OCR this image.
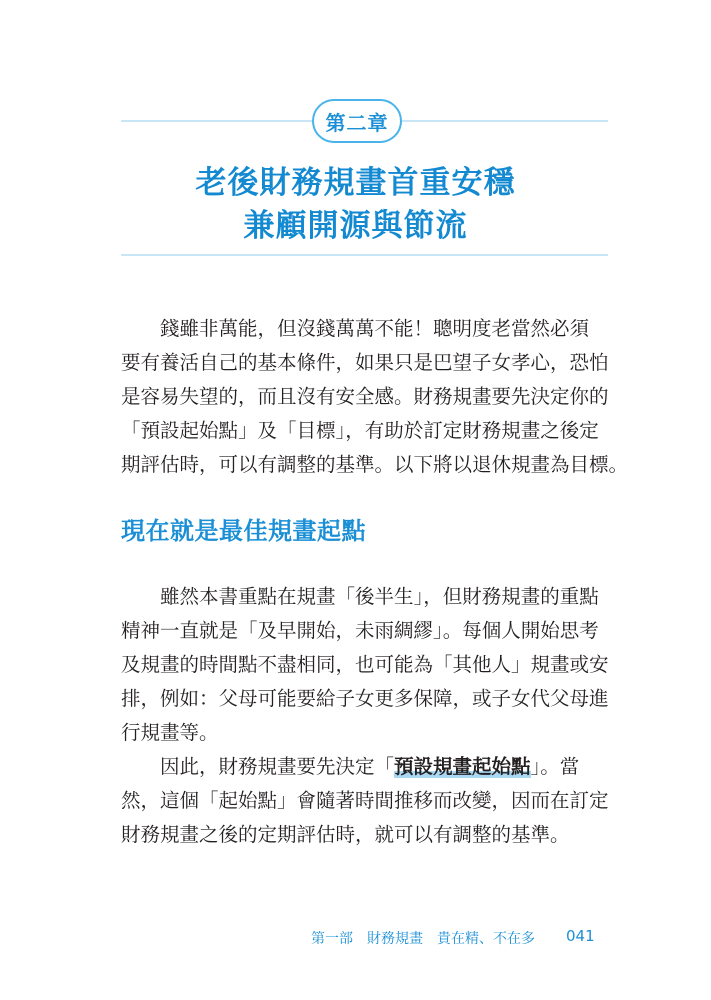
第二章
老後財務規畫首重安穩
兼顧開源與節流
　　錢雖非萬能，但沒錢萬萬不能！聰明度老當然必須
要有養活自己的基本條件，如果只是巴望子女孝心，恐怕
是容易失望的，而且沒有安全感。財務規畫要先決定你的
「預設起始點」及「目標」，有助於訂定財務規畫之後定
期評估時，可以有調整的基準。以下將以退休規畫為目標。
現在就是最佳規畫起點
　　雖然本書重點在規畫「後半生」，但財務規畫的重點
精神一直就是「及早開始，未雨綢繆」。每個人開始思考
及規畫的時間點不盡相同，也可能為「其他人」規畫或安
排，例如：父母可能要給子女更多保障，或子女代父母進
行規畫等。
　　因此，財務規畫要先決定「預設規畫起始點」。當
然，這個「起始點」會隨著時間推移而改變，因而在訂定
財務規畫之後的定期評估時，就可以有調整的基準。
第一部　財務規畫　貴在精、不在多 041
